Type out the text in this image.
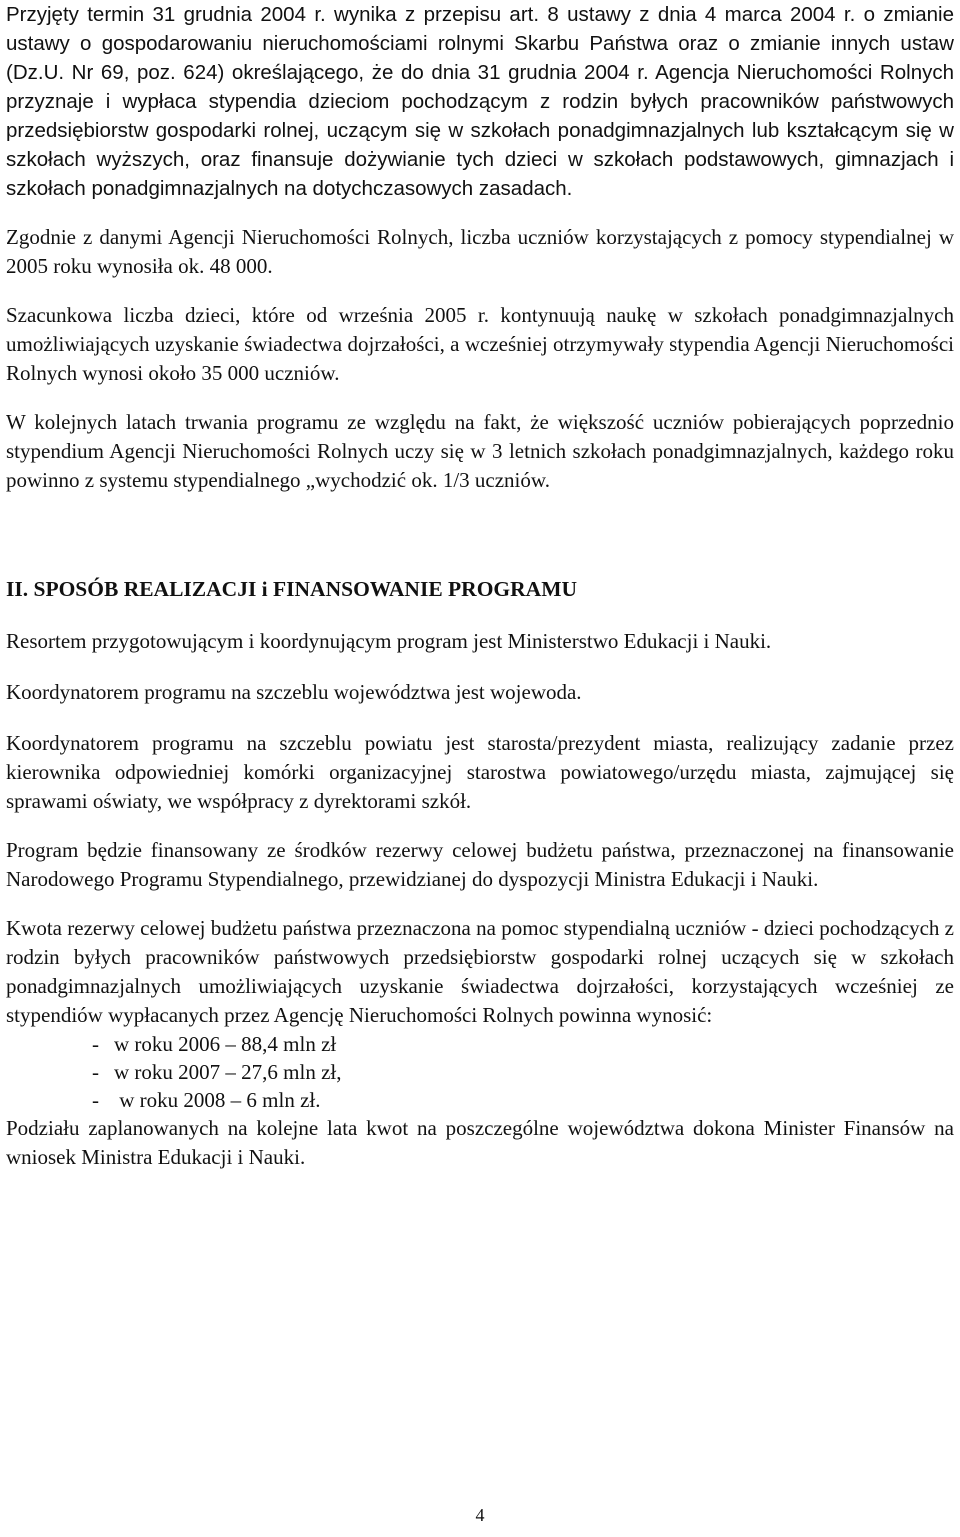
Przyjęty termin 31 grudnia 2004 r. wynika z przepisu art. 8 ustawy z dnia 4 marca 2004 r. o zmianie ustawy o gospodarowaniu nieruchomościami rolnymi Skarbu Państwa oraz o zmianie innych ustaw (Dz.U. Nr 69, poz. 624) określającego, że do dnia 31 grudnia 2004 r. Agencja Nieruchomości Rolnych przyznaje i wypłaca stypendia dzieciom pochodzącym z rodzin byłych pracowników państwowych przedsiębiorstw gospodarki rolnej, uczącym się w szkołach ponadgimnazjalnych lub kształcącym się w szkołach wyższych, oraz finansuje dożywianie tych dzieci w szkołach podstawowych, gimnazjach i szkołach ponadgimnazjalnych na dotychczasowych zasadach.

Zgodnie z danymi Agencji Nieruchomości Rolnych, liczba uczniów korzystających z pomocy stypendialnej w 2005 roku wynosiła ok. 48 000.

Szacunkowa liczba dzieci, które od września 2005 r. kontynuują naukę w szkołach ponadgimnazjalnych umożliwiających uzyskanie świadectwa dojrzałości, a wcześniej otrzymywały stypendia Agencji Nieruchomości Rolnych wynosi około 35 000 uczniów.

W kolejnych latach trwania programu ze względu na fakt, że większość uczniów pobierających poprzednio stypendium Agencji Nieruchomości Rolnych uczy się w 3 letnich szkołach ponadgimnazjalnych, każdego roku powinno z systemu stypendialnego „wychodzić ok. 1/3 uczniów.

II. SPOSÓB REALIZACJI i FINANSOWANIE PROGRAMU

Resortem przygotowującym i koordynującym program jest Ministerstwo Edukacji i Nauki.

Koordynatorem programu na szczeblu województwa jest wojewoda.

Koordynatorem programu na szczeblu powiatu jest starosta/prezydent miasta, realizujący zadanie przez kierownika odpowiedniej komórki organizacyjnej starostwa powiatowego/urzędu miasta, zajmującej się sprawami oświaty, we współpracy z dyrektorami szkół.

Program będzie finansowany ze środków rezerwy celowej budżetu państwa, przeznaczonej na finansowanie Narodowego Programu Stypendialnego, przewidzianej do dyspozycji Ministra Edukacji i Nauki.

Kwota rezerwy celowej budżetu państwa przeznaczona na pomoc stypendialną uczniów - dzieci pochodzących z rodzin byłych pracowników państwowych przedsiębiorstw gospodarki rolnej uczących się w szkołach ponadgimnazjalnych umożliwiających uzyskanie świadectwa dojrzałości, korzystających wcześniej ze stypendiów wypłacanych przez Agencję Nieruchomości Rolnych powinna wynosić:

- w roku 2006 – 88,4 mln zł
- w roku 2007 – 27,6 mln zł,
- w roku 2008 – 6 mln zł.

Podziału zaplanowanych na kolejne lata kwot na poszczególne województwa dokona Minister Finansów na wniosek Ministra Edukacji i Nauki.

4
